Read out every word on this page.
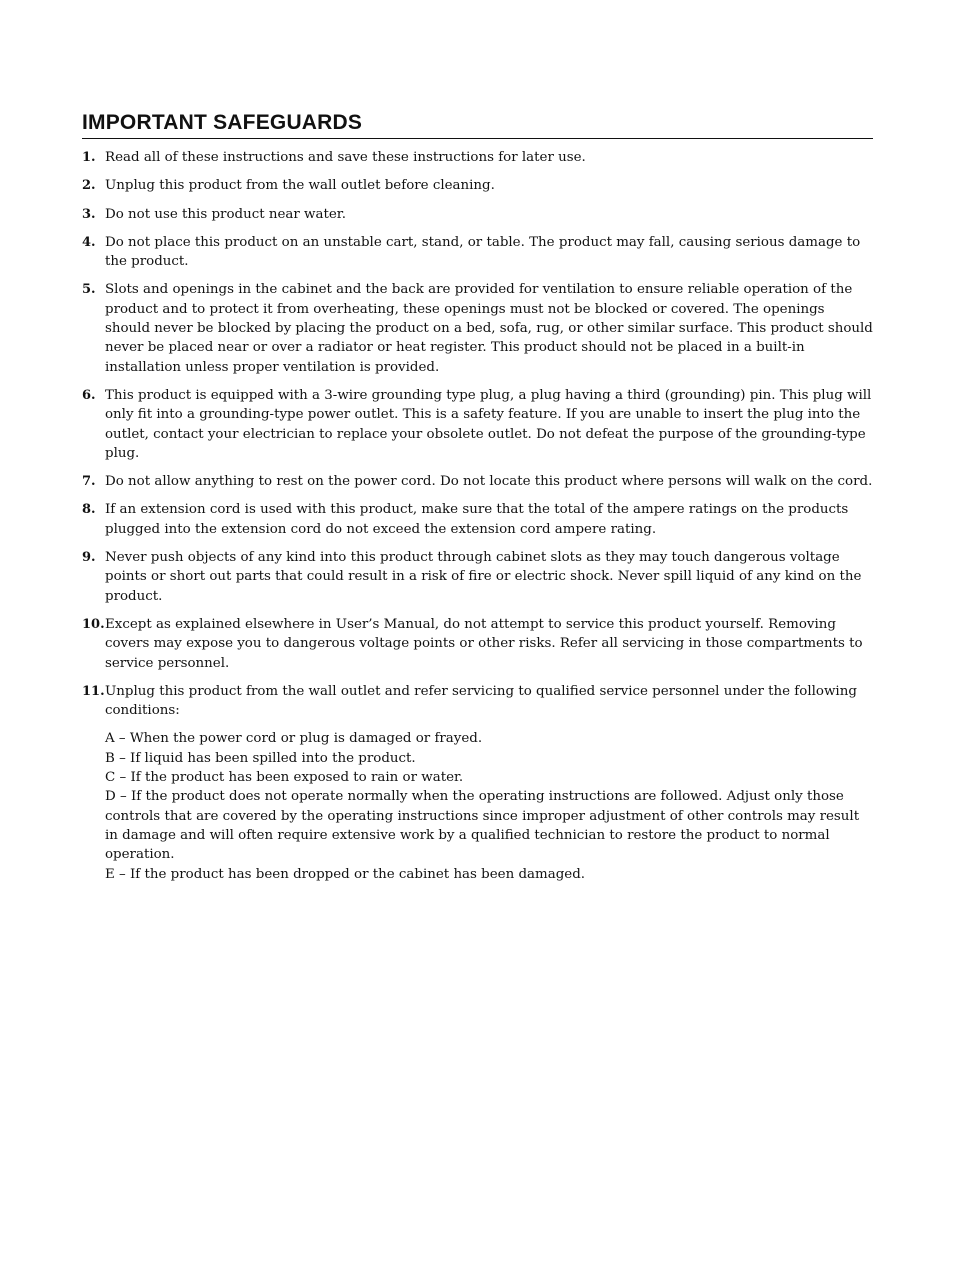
IMPORTANT SAFEGUARDS
1. Read all of these instructions and save these instructions for later use.
2. Unplug this product from the wall outlet before cleaning.
3. Do not use this product near water.
4. Do not place this product on an unstable cart, stand, or table. The product may fall, causing serious damage to the product.
5. Slots and openings in the cabinet and the back are provided for ventilation to ensure reliable operation of the product and to protect it from overheating, these openings must not be blocked or covered. The openings should never be blocked by placing the product on a bed, sofa, rug, or other similar surface. This product should never be placed near or over a radiator or heat register. This product should not be placed in a built-in installation unless proper ventilation is provided.
6. This product is equipped with a 3-wire grounding type plug, a plug having a third (grounding) pin. This plug will only fit into a grounding-type power outlet. This is a safety feature. If you are unable to insert the plug into the outlet, contact your electrician to replace your obsolete outlet. Do not defeat the purpose of the grounding-type plug.
7. Do not allow anything to rest on the power cord. Do not locate this product where persons will walk on the cord.
8. If an extension cord is used with this product, make sure that the total of the ampere ratings on the products plugged into the extension cord do not exceed the extension cord ampere rating.
9. Never push objects of any kind into this product through cabinet slots as they may touch dangerous voltage points or short out parts that could result in a risk of fire or electric shock. Never spill liquid of any kind on the product.
10. Except as explained elsewhere in User’s Manual, do not attempt to service this product yourself. Removing covers may expose you to dangerous voltage points or other risks. Refer all servicing in those compartments to service personnel.
11. Unplug this product from the wall outlet and refer servicing to qualified service personnel under the following conditions:
A – When the power cord or plug is damaged or frayed.
B – If liquid has been spilled into the product.
C – If the product has been exposed to rain or water.
D – If the product does not operate normally when the operating instructions are followed. Adjust only those controls that are covered by the operating instructions since improper adjustment of other controls may result in damage and will often require extensive work by a qualified technician to restore the product to normal operation.
E – If the product has been dropped or the cabinet has been damaged.
